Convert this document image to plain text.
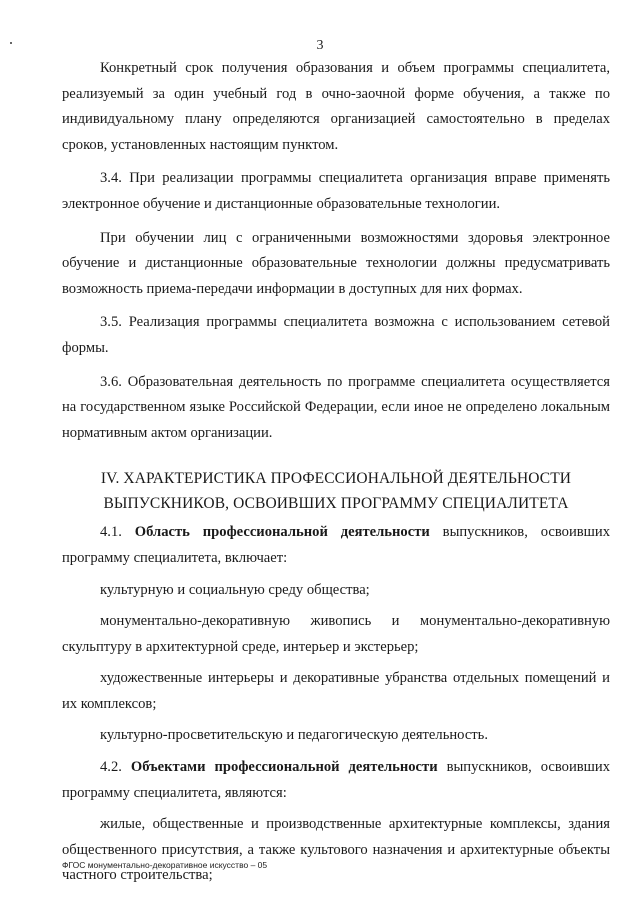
3

Конкретный срок получения образования и объем программы специалитета, реализуемый за один учебный год в очно-заочной форме обучения, а также по индивидуальному плану определяются организацией самостоятельно в пределах сроков, установленных настоящим пунктом.

3.4. При реализации программы специалитета организация вправе применять электронное обучение и дистанционные образовательные технологии.

При обучении лиц с ограниченными возможностями здоровья электронное обучение и дистанционные образовательные технологии должны предусматривать возможность приема-передачи информации в доступных для них формах.

3.5. Реализация программы специалитета возможна с использованием сетевой формы.

3.6. Образовательная деятельность по программе специалитета осуществляется на государственном языке Российской Федерации, если иное не определено локальным нормативным актом организации.

IV. ХАРАКТЕРИСТИКА ПРОФЕССИОНАЛЬНОЙ ДЕЯТЕЛЬНОСТИ
ВЫПУСКНИКОВ, ОСВОИВШИХ ПРОГРАММУ СПЕЦИАЛИТЕТА

4.1. Область профессиональной деятельности выпускников, освоивших программу специалитета, включает:

культурную и социальную среду общества;

монументально-декоративную живопись и монументально-декоративную скульптуру в архитектурной среде, интерьер и экстерьер;

художественные интерьеры и декоративные убранства отдельных помещений и их комплексов;

культурно-просветительскую и педагогическую деятельность.

4.2. Объектами профессиональной деятельности выпускников, освоивших программу специалитета, являются:

жилые, общественные и производственные архитектурные комплексы, здания общественного присутствия, а также культового назначения и архитектурные объекты частного строительства;

ФГОС монументально-декоративное искусство – 05
